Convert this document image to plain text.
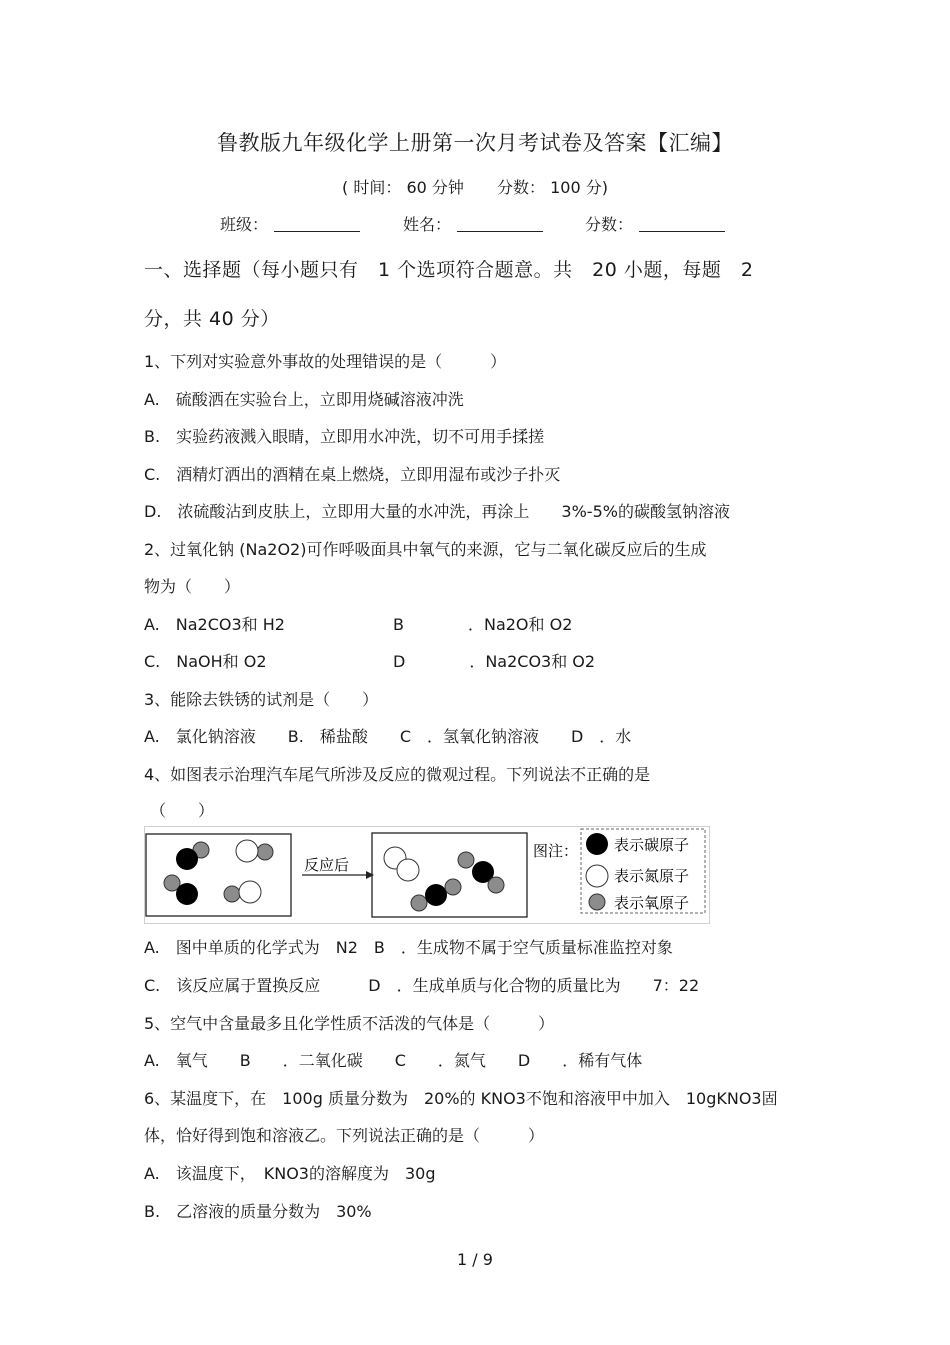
鲁教版九年级化学上册第一次月考试卷及答案【汇编】
( 时间： 60 分钟 分数： 100 分)
班级：	姓名：	分数：
一、选择题（每小题只有　1 个选项符合题意。共　20 小题，每题　2
分，共 40 分）
1、下列对实验意外事故的处理错误的是（　　　）
A.　硫酸洒在实验台上，立即用烧碱溶液冲洗
B.　实验药液溅入眼睛，立即用水冲洗，切不可用手揉搓
C.　酒精灯洒出的酒精在桌上燃烧，立即用湿布或沙子扑灭
D.　浓硫酸沾到皮肤上，立即用大量的水冲洗，再涂上　　3%-5%的碳酸氢钠溶液
2、过氧化钠 (Na2O2)可作呼吸面具中氧气的来源，它与二氧化碳反应后的生成
物为（　　）
A.　Na2CO3和 H2	B　　　　．Na2O和 O2
C.　NaOH和 O2	D　　　　．Na2CO3和 O2
3、能除去铁锈的试剂是（　　）
A.　氯化钠溶液　　B.　稀盐酸　　C　．氢氧化钠溶液　　D　．水
4、如图表示治理汽车尾气所涉及反应的微观过程。下列说法不正确的是
（　　）
反应后
图注： 表示碳原子
表示氮原子
表示氧原子
A.　图中单质的化学式为　N2　B　．生成物不属于空气质量标准监控对象
C.　该反应属于置换反应　　　D　．生成单质与化合物的质量比为　　7：22
5、空气中含量最多且化学性质不活泼的气体是（　　　）
A.　氧气　　B　　．二氧化碳　　C　　．氮气　　D　　．稀有气体
6、某温度下，在　100g 质量分数为　20%的 KNO3不饱和溶液甲中加入　10gKNO3固
体，恰好得到饱和溶液乙。下列说法正确的是（　　　）
A.　该温度下，　KNO3的溶解度为　30g
B.　乙溶液的质量分数为　30%
1 / 9
